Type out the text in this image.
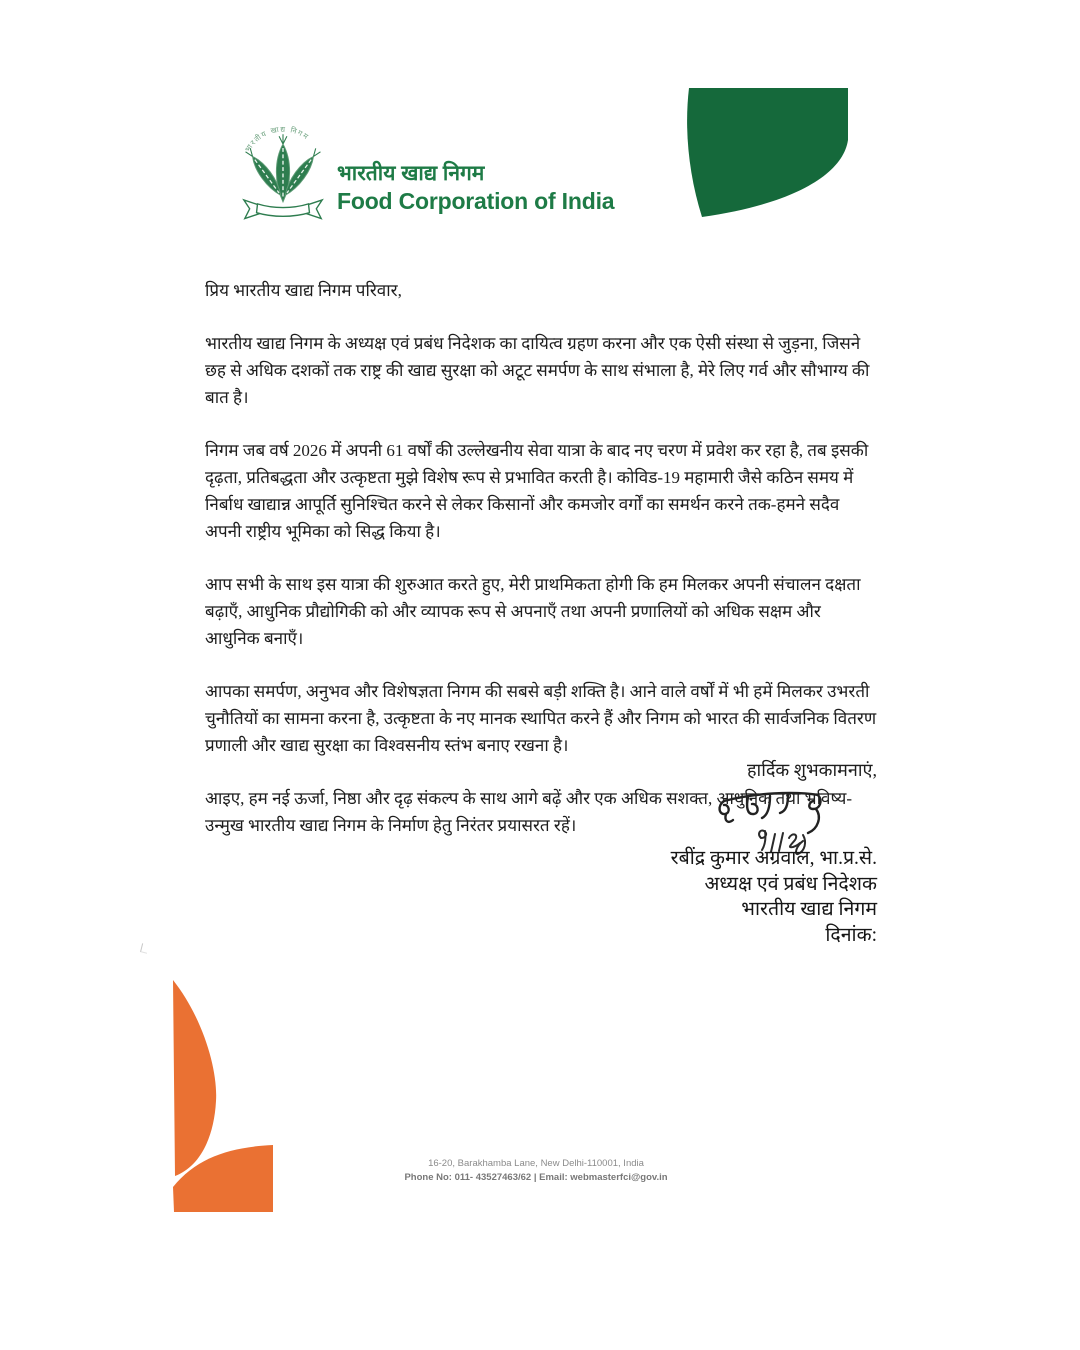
भारतीय खाद्य निगम
भारतीय खाद्य निगम
Food Corporation of India

प्रिय भारतीय खाद्य निगम परिवार,

भारतीय खाद्य निगम के अध्यक्ष एवं प्रबंध निदेशक का दायित्व ग्रहण करना और एक ऐसी संस्था से जुड़ना, जिसने छह से अधिक दशकों तक राष्ट्र की खाद्य सुरक्षा को अटूट समर्पण के साथ संभाला है, मेरे लिए गर्व और सौभाग्य की बात है।

निगम जब वर्ष 2026 में अपनी 61 वर्षों की उल्लेखनीय सेवा यात्रा के बाद नए चरण में प्रवेश कर रहा है, तब इसकी दृढ़ता, प्रतिबद्धता और उत्कृष्टता मुझे विशेष रूप से प्रभावित करती है। कोविड-19 महामारी जैसे कठिन समय में निर्बाध खाद्यान्न आपूर्ति सुनिश्चित करने से लेकर किसानों और कमजोर वर्गों का समर्थन करने तक-हमने सदैव अपनी राष्ट्रीय भूमिका को सिद्ध किया है।

आप सभी के साथ इस यात्रा की शुरुआत करते हुए, मेरी प्राथमिकता होगी कि हम मिलकर अपनी संचालन दक्षता बढ़ाएँ, आधुनिक प्रौद्योगिकी को और व्यापक रूप से अपनाएँ तथा अपनी प्रणालियों को अधिक सक्षम और आधुनिक बनाएँ।

आपका समर्पण, अनुभव और विशेषज्ञता निगम की सबसे बड़ी शक्ति है। आने वाले वर्षों में भी हमें मिलकर उभरती चुनौतियों का सामना करना है, उत्कृष्टता के नए मानक स्थापित करने हैं और निगम को भारत की सार्वजनिक वितरण प्रणाली और खाद्य सुरक्षा का विश्वसनीय स्तंभ बनाए रखना है।

आइए, हम नई ऊर्जा, निष्ठा और दृढ़ संकल्प के साथ आगे बढ़ें और एक अधिक सशक्त, आधुनिक तथा भविष्य-उन्मुख भारतीय खाद्य निगम के निर्माण हेतु निरंतर प्रयासरत रहें।

हार्दिक शुभकामनाएं,
रबींद्र कुमार अग्रवाल, भा.प्र.से.
अध्यक्ष एवं प्रबंध निदेशक
भारतीय खाद्य निगम
दिनांक:
16-20, Barakhamba Lane, New Delhi-110001, India
Phone No: 011- 43527463/62 | Email: webmasterfci@gov.in
